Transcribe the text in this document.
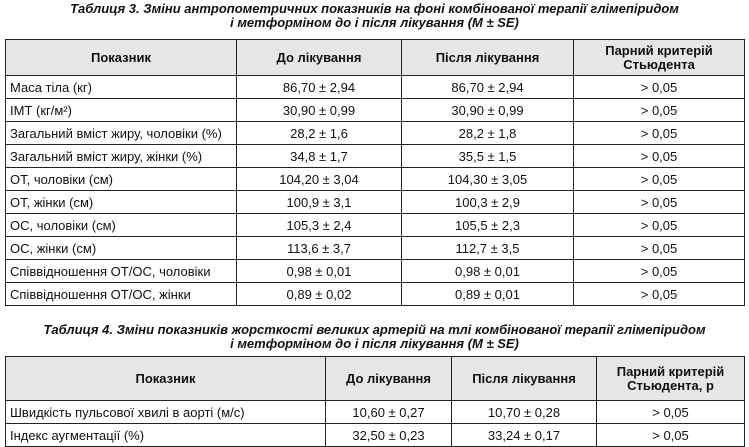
Таблиця 3. Зміни антропометричних показників на фоні комбінованої терапії глімепіридом
і метформіном до і після лікування (M ± SE)
Показник	До лікування	Після лікування	Парний критерій
Стьюдента

Маса тіла (кг)	86,70 ± 2,94	86,70 ± 2,94	> 0,05
ІМТ (кг/м²)	30,90 ± 0,99	30,90 ± 0,99	> 0,05
Загальний вміст жиру, чоловіки (%)	28,2 ± 1,6	28,2 ± 1,8	> 0,05
Загальний вміст жиру, жінки (%)	34,8 ± 1,7	35,5 ± 1,5	> 0,05
ОТ, чоловіки (см)	104,20 ± 3,04	104,30 ± 3,05	> 0,05
ОТ, жінки (см)	100,9 ± 3,1	100,3 ± 2,9	> 0,05
ОС, чоловіки (см)	105,3 ± 2,4	105,5 ± 2,3	> 0,05
ОС, жінки (см)	113,6 ± 3,7	112,7 ± 3,5	> 0,05
Співвідношення ОТ/ОС, чоловіки	0,98 ± 0,01	0,98 ± 0,01	> 0,05
Співвідношення ОТ/ОС, жінки	0,89 ± 0,02	0,89 ± 0,01	> 0,05
Таблиця 4. Зміни показників жорсткості великих артерій на тлі комбінованої терапії глімепіридом
і метформіном до і після лікування (M ± SE)
Показник	До лікування	Після лікування	Парний критерій
Стьюдента, p

Швидкість пульсової хвилі в аорті (м/с)	10,60 ± 0,27	10,70 ± 0,28	> 0,05
Індекс аугментації (%)	32,50 ± 0,23	33,24 ± 0,17	> 0,05
